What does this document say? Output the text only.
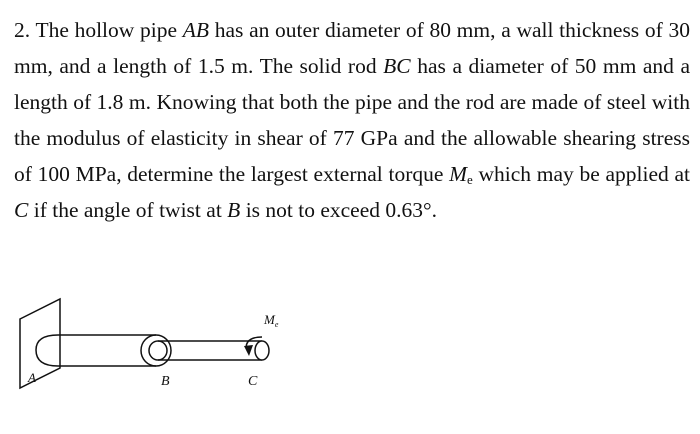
2. The hollow pipe AB has an outer diameter of 80 mm, a wall thickness of 30 mm, and a length of 1.5 m. The solid rod BC has a diameter of 50 mm and a length of 1.8 m. Knowing that both the pipe and the rod are made of steel with the modulus of elasticity in shear of 77 GPa and the allowable shearing stress of 100 MPa, determine the largest external torque $M_e$ which may be applied at C if the angle of twist at B is not to exceed 0.63°.

A	B	C
$M_e$
